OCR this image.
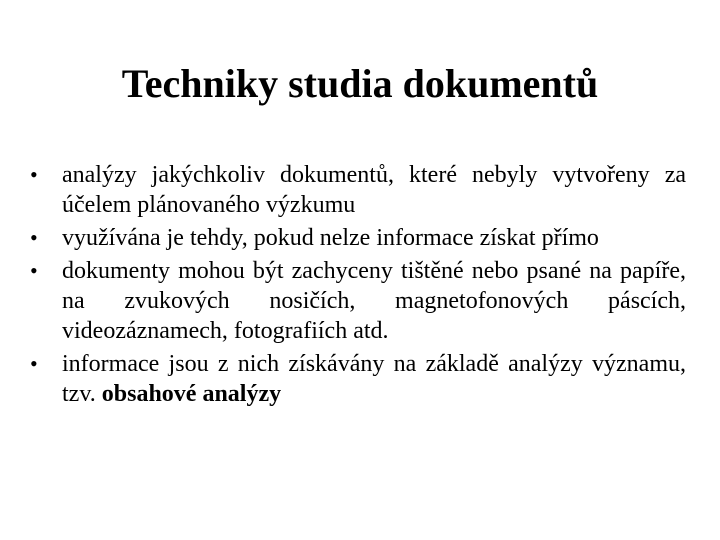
Techniky studia dokumentů
•	analýzy jakýchkoliv dokumentů, které nebyly vytvořeny za účelem plánovaného výzkumu
•	využívána je tehdy, pokud nelze informace získat přímo
•	dokumenty mohou být zachyceny tištěné nebo psané na papíře, na zvukových nosičích, magnetofonových páscích, videozáznamech, fotografiích atd.
•	informace jsou z nich získávány na základě analýzy významu, tzv. obsahové analýzy
